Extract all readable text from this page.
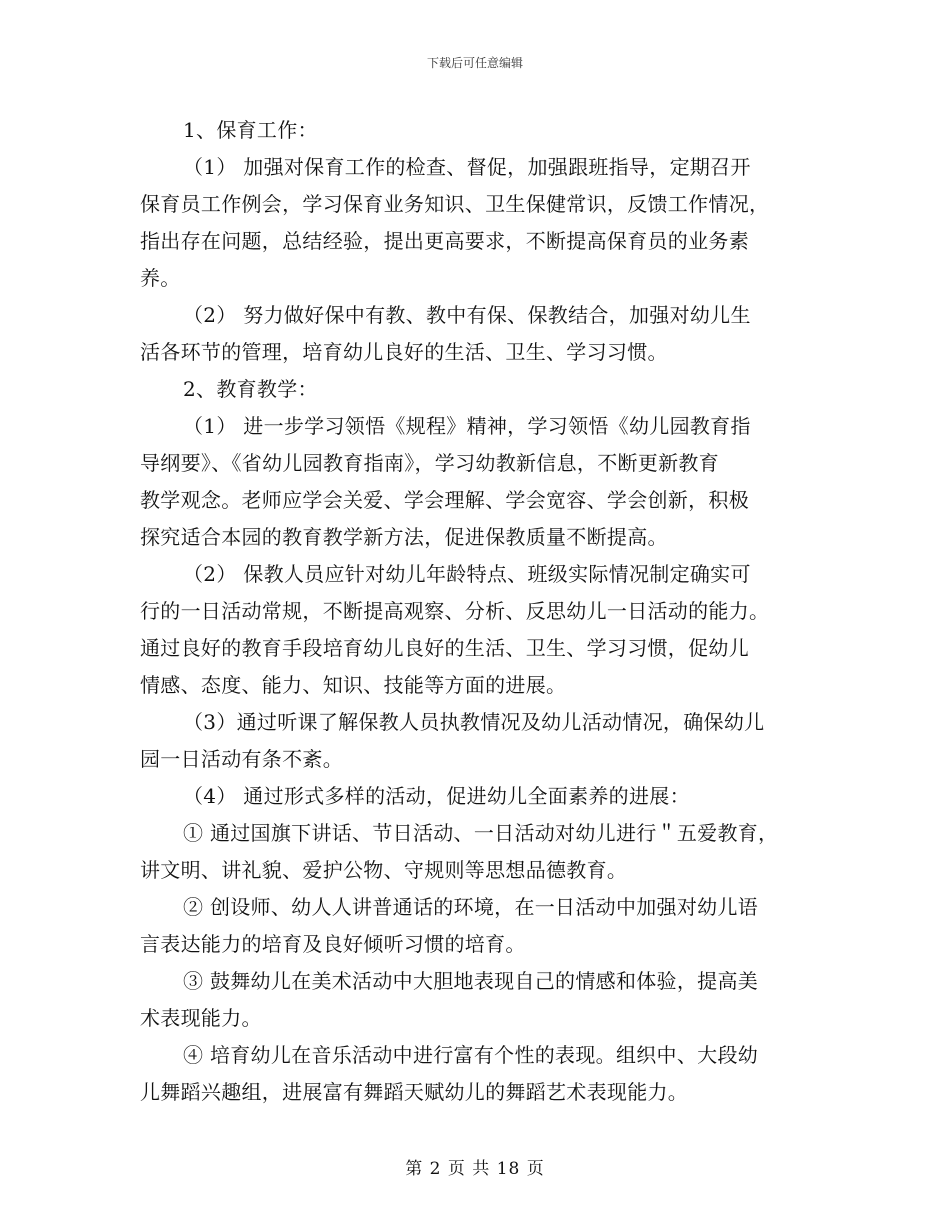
下载后可任意编辑
1、保育工作：
（1） 加强对保育工作的检查、督促，加强跟班指导，定期召开
保育员工作例会，学习保育业务知识、卫生保健常识，反馈工作情况，
指出存在问题，总结经验，提出更高要求，不断提高保育员的业务素
养。
（2） 努力做好保中有教、教中有保、保教结合，加强对幼儿生
活各环节的管理，培育幼儿良好的生活、卫生、学习习惯。
2、教育教学：
（1） 进一步学习领悟《规程》精神，学习领悟《幼儿园教育指
导纲要》、《省幼儿园教育指南》，学习幼教新信息，不断更新教育
教学观念。老师应学会关爱、学会理解、学会宽容、学会创新，积极
探究适合本园的教育教学新方法，促进保教质量不断提高。
（2） 保教人员应针对幼儿年龄特点、班级实际情况制定确实可
行的一日活动常规，不断提高观察、分析、反思幼儿一日活动的能力。
通过良好的教育手段培育幼儿良好的生活、卫生、学习习惯，促幼儿
情感、态度、能力、知识、技能等方面的进展。
（3）通过听课了解保教人员执教情况及幼儿活动情况，确保幼儿
园一日活动有条不紊。
（4） 通过形式多样的活动，促进幼儿全面素养的进展：
① 通过国旗下讲话、节日活动、一日活动对幼儿进行＂五爱教育，
讲文明、讲礼貌、爱护公物、守规则等思想品德教育。
② 创设师、幼人人讲普通话的环境，在一日活动中加强对幼儿语
言表达能力的培育及良好倾听习惯的培育。
③ 鼓舞幼儿在美术活动中大胆地表现自己的情感和体验，提高美
术表现能力。
④ 培育幼儿在音乐活动中进行富有个性的表现。组织中、大段幼
儿舞蹈兴趣组，进展富有舞蹈天赋幼儿的舞蹈艺术表现能力。
第 2 页 共 18 页
